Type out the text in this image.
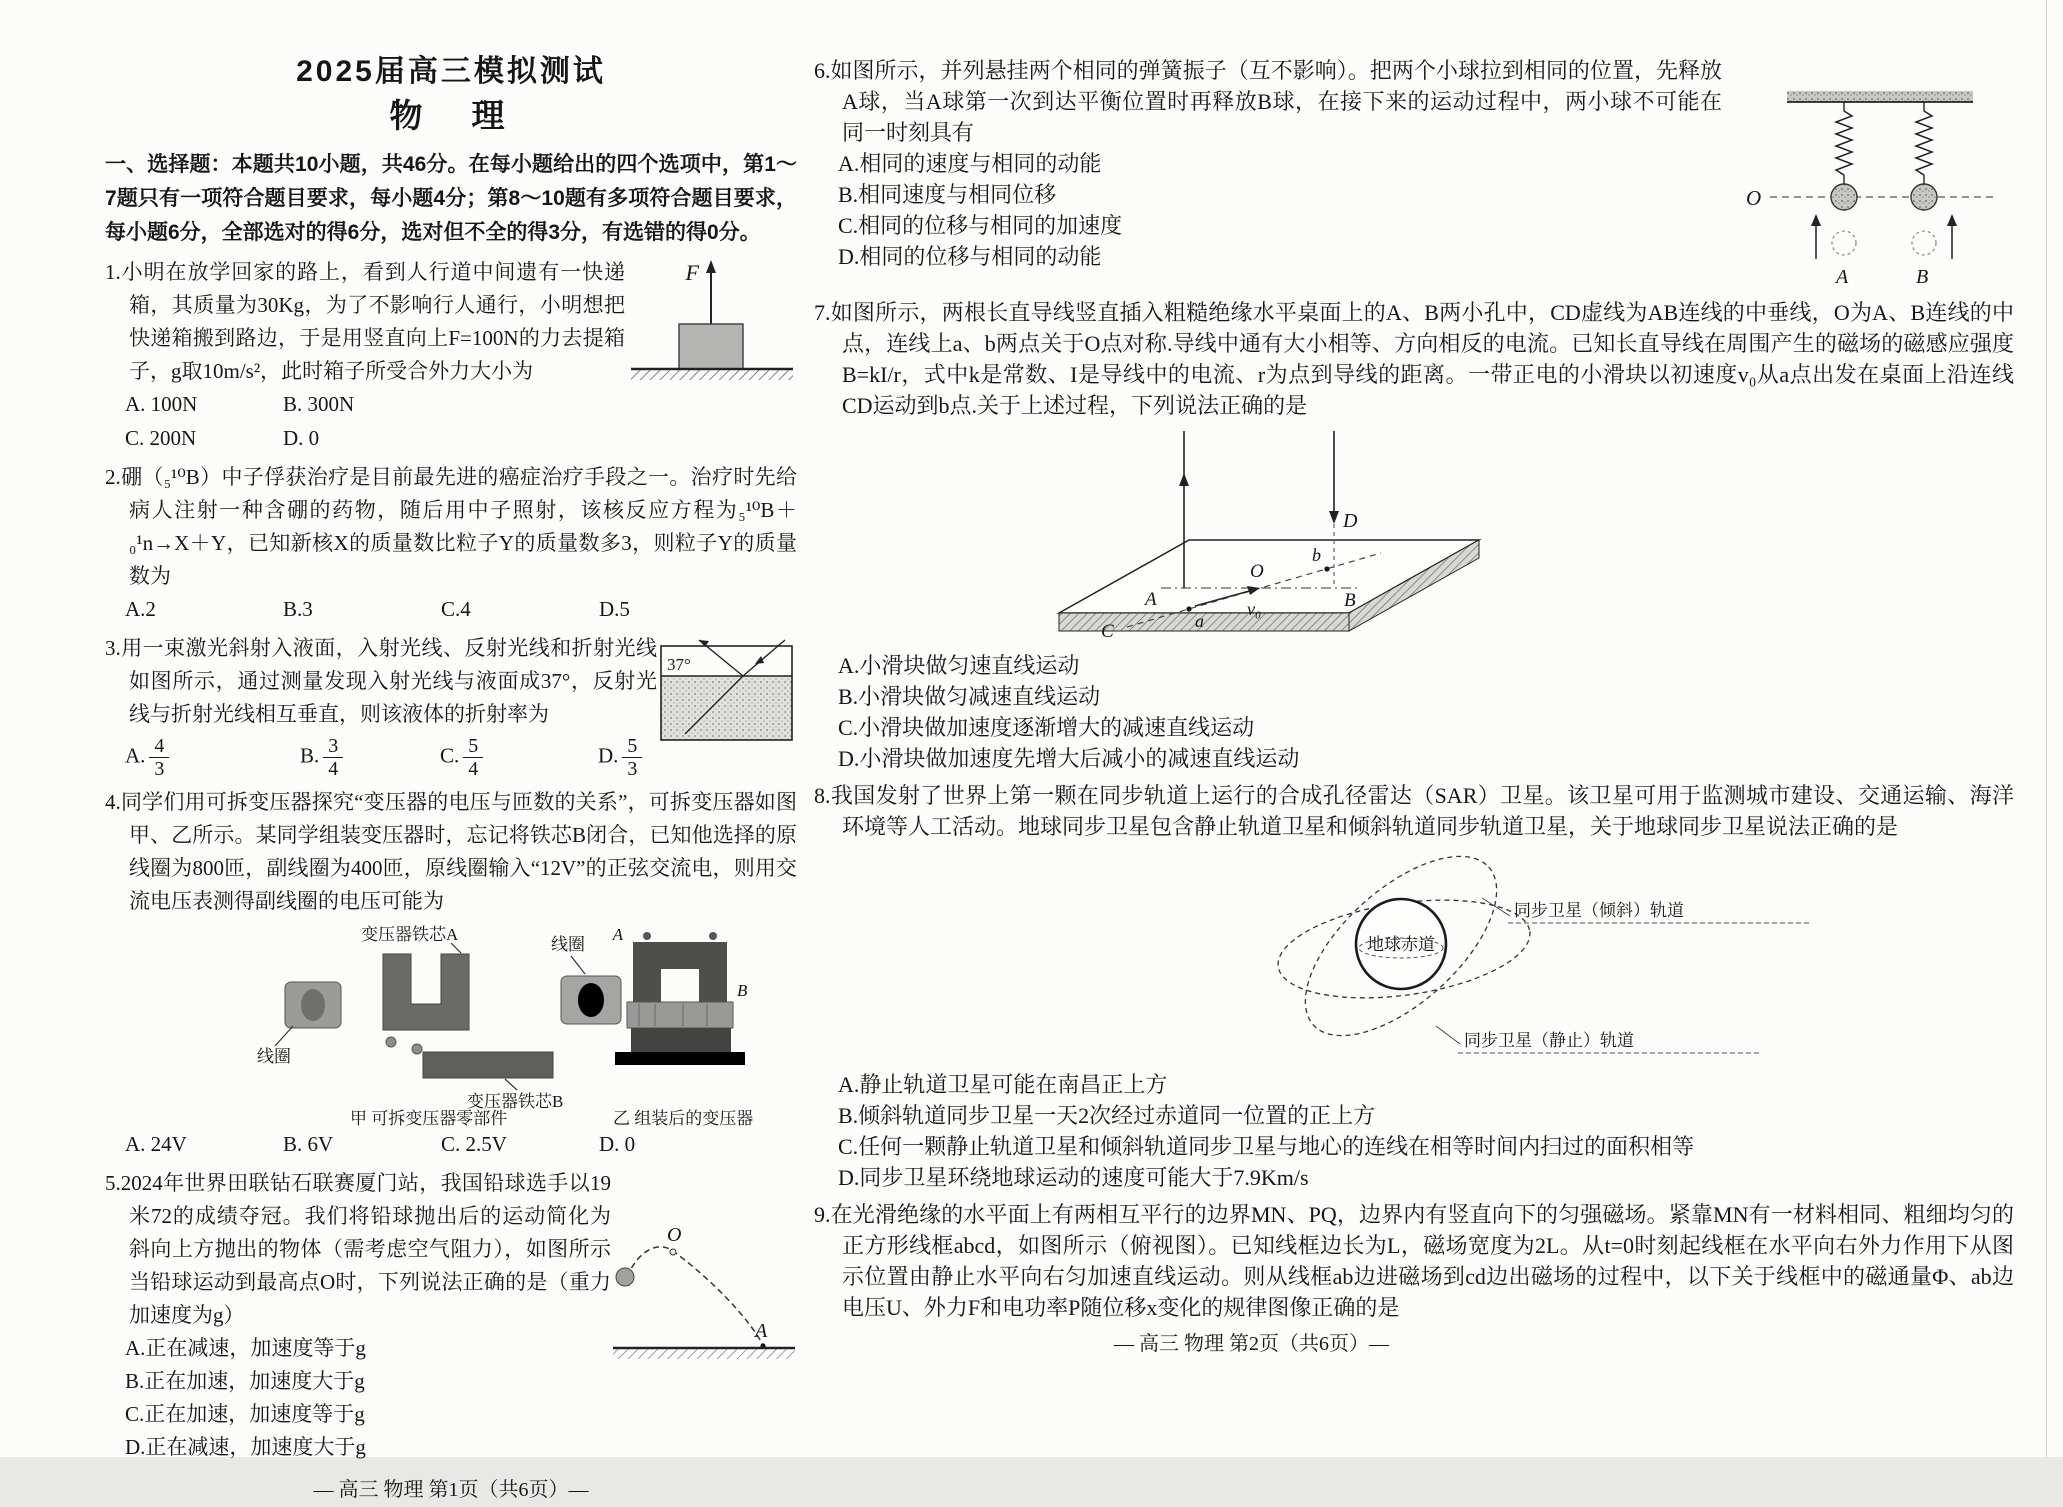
2025届高三模拟测试
物　理

一、选择题：本题共10小题，共46分。在每小题给出的四个选项中，第1～7题只有一项符合题目要求，每小题4分；第8～10题有多项符合题目要求，每小题6分，全部选对的得6分，选对但不全的得3分，有选错的得0分。

F

1.小明在放学回家的路上，看到人行道中间遗有一快递箱，其质量为30Kg，为了不影响行人通行，小明想把快递箱搬到路边，于是用竖直向上F=100N的力去提箱子，g取10m/s²，此时箱子所受合外力大小为

A. 100N	B. 300N
C. 200N	D. 0

2.硼（₅¹⁰B）中子俘获治疗是目前最先进的癌症治疗手段之一。治疗时先给病人注射一种含硼的药物，随后用中子照射，该核反应方程为₅¹⁰B＋₀¹n→X＋Y，已知新核X的质量数比粒子Y的质量数多3，则粒子Y的质量数为

A.2	B.3	C.4	D.5
37°

3.用一束激光斜射入液面，入射光线、反射光线和折射光线如图所示，通过测量发现入射光线与液面成37°，反射光线与折射光线相互垂直，则该液体的折射率为

A. $\frac{4}{3}$	B. $\frac{3}{4}$	C. $\frac{5}{4}$	D. $\frac{5}{3}$

4.同学们用可拆变压器探究“变压器的电压与匝数的关系”，可拆变压器如图甲、乙所示。某同学组装变压器时，忘记将铁芯B闭合，已知他选择的原线圈为800匝，副线圈为400匝，原线圈输入“12V”的正弦交流电，则用交流电压表测得副线圈的电压可能为

线圈
变压器铁芯A
变压器铁芯B
线圈
甲 可拆变压器零部件
A
B
乙 组装后的变压器
A. 24V	B. 6V	C. 2.5V	D. 0
O
A

5.2024年世界田联钻石联赛厦门站，我国铅球选手以19米72的成绩夺冠。我们将铅球抛出后的运动简化为斜向上方抛出的物体（需考虑空气阻力），如图所示当铅球运动到最高点O时，下列说法正确的是（重力加速度为g）

A.正在减速，加速度等于g
B.正在加速，加速度大于g
C.正在加速，加速度等于g
D.正在减速，加速度大于g
— 高三 物理 第1页（共6页）—
O
A	B

6.如图所示，并列悬挂两个相同的弹簧振子（互不影响）。把两个小球拉到相同的位置，先释放A球，当A球第一次到达平衡位置时再释放B球，在接下来的运动过程中，两小球不可能在同一时刻具有

A.相同的速度与相同的动能
B.相同速度与相同位移
C.相同的位移与相同的加速度
D.相同的位移与相同的动能

7.如图所示，两根长直导线竖直插入粗糙绝缘水平桌面上的A、B两小孔中，CD虚线为AB连线的中垂线，O为A、B连线的中点，连线上a、b两点关于O点对称.导线中通有大小相等、方向相反的电流。已知长直导线在周围产生的磁场的磁感应强度B=kI/r，式中k是常数、I是导线中的电流、r为点到导线的距离。一带正电的小滑块以初速度v₀从a点出发在桌面上沿连线CD运动到b点.关于上述过程，下列说法正确的是

D
A	B
O
C	a
b
v₀
A.小滑块做匀速直线运动
B.小滑块做匀减速直线运动
C.小滑块做加速度逐渐增大的减速直线运动
D.小滑块做加速度先增大后减小的减速直线运动

8.我国发射了世界上第一颗在同步轨道上运行的合成孔径雷达（SAR）卫星。该卫星可用于监测城市建设、交通运输、海洋环境等人工活动。地球同步卫星包含静止轨道卫星和倾斜轨道同步轨道卫星，关于地球同步卫星说法正确的是

地球赤道
同步卫星（倾斜）轨道
同步卫星（静止）轨道
A.静止轨道卫星可能在南昌正上方
B.倾斜轨道同步卫星一天2次经过赤道同一位置的正上方
C.任何一颗静止轨道卫星和倾斜轨道同步卫星与地心的连线在相等时间内扫过的面积相等
D.同步卫星环绕地球运动的速度可能大于7.9Km/s

9.在光滑绝缘的水平面上有两相互平行的边界MN、PQ，边界内有竖直向下的匀强磁场。紧靠MN有一材料相同、粗细均匀的正方形线框abcd，如图所示（俯视图）。已知线框边长为L，磁场宽度为2L。从t=0时刻起线框在水平向右外力作用下从图示位置由静止水平向右匀加速直线运动。则从线框ab边进磁场到cd边出磁场的过程中，以下关于线框中的磁通量Φ、ab边电压U、外力F和电功率P随位移x变化的规律图像正确的是

— 高三 物理 第2页（共6页）—
